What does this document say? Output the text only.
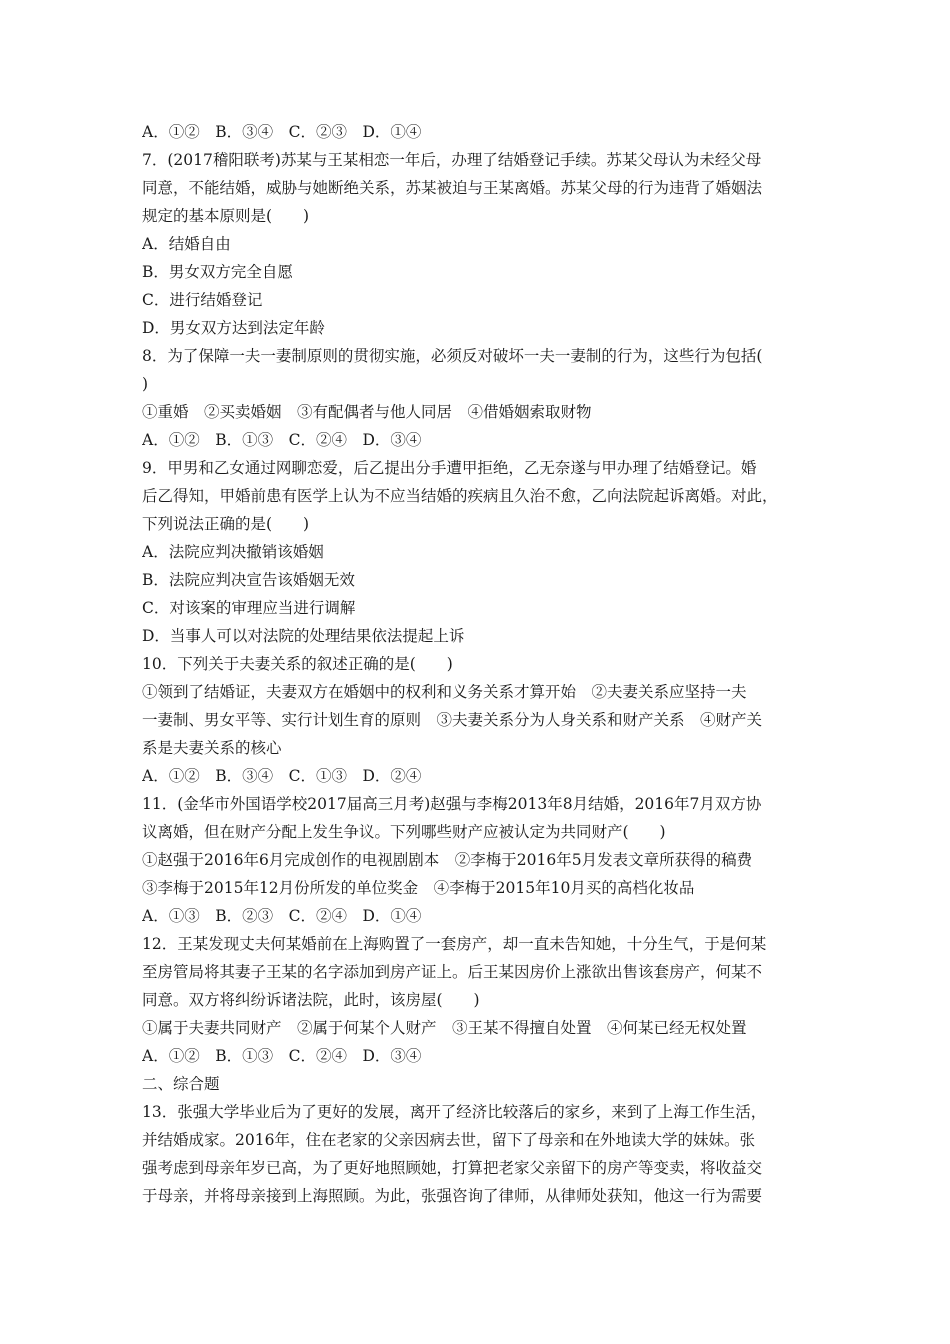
A．①②　B．③④　C．②③　D．①④
7．(2017稽阳联考)苏某与王某相恋一年后，办理了结婚登记手续。苏某父母认为未经父母
同意，不能结婚，威胁与她断绝关系，苏某被迫与王某离婚。苏某父母的行为违背了婚姻法
规定的基本原则是(　　)
A．结婚自由
B．男女双方完全自愿
C．进行结婚登记
D．男女双方达到法定年龄
8．为了保障一夫一妻制原则的贯彻实施，必须反对破坏一夫一妻制的行为，这些行为包括(
)
①重婚　②买卖婚姻　③有配偶者与他人同居　④借婚姻索取财物
A．①②　B．①③　C．②④　D．③④
9．甲男和乙女通过网聊恋爱，后乙提出分手遭甲拒绝，乙无奈遂与甲办理了结婚登记。婚
后乙得知，甲婚前患有医学上认为不应当结婚的疾病且久治不愈，乙向法院起诉离婚。对此，
下列说法正确的是(　　)
A．法院应判决撤销该婚姻
B．法院应判决宣告该婚姻无效
C．对该案的审理应当进行调解
D．当事人可以对法院的处理结果依法提起上诉
10．下列关于夫妻关系的叙述正确的是(　　)
①领到了结婚证，夫妻双方在婚姻中的权利和义务关系才算开始　②夫妻关系应坚持一夫
一妻制、男女平等、实行计划生育的原则　③夫妻关系分为人身关系和财产关系　④财产关
系是夫妻关系的核心
A．①②　B．③④　C．①③　D．②④
11．(金华市外国语学校2017届高三月考)赵强与李梅2013年8月结婚，2016年7月双方协
议离婚，但在财产分配上发生争议。下列哪些财产应被认定为共同财产(　　)
①赵强于2016年6月完成创作的电视剧剧本　②李梅于2016年5月发表文章所获得的稿费
③李梅于2015年12月份所发的单位奖金　④李梅于2015年10月买的高档化妆品
A．①③　B．②③　C．②④　D．①④
12．王某发现丈夫何某婚前在上海购置了一套房产，却一直未告知她，十分生气，于是何某
至房管局将其妻子王某的名字添加到房产证上。后王某因房价上涨欲出售该套房产，何某不
同意。双方将纠纷诉诸法院，此时，该房屋(　　)
①属于夫妻共同财产　②属于何某个人财产　③王某不得擅自处置　④何某已经无权处置
A．①②　B．①③　C．②④　D．③④
二、综合题
13．张强大学毕业后为了更好的发展，离开了经济比较落后的家乡，来到了上海工作生活，
并结婚成家。2016年，住在老家的父亲因病去世，留下了母亲和在外地读大学的妹妹。张
强考虑到母亲年岁已高，为了更好地照顾她，打算把老家父亲留下的房产等变卖，将收益交
于母亲，并将母亲接到上海照顾。为此，张强咨询了律师，从律师处获知，他这一行为需要
